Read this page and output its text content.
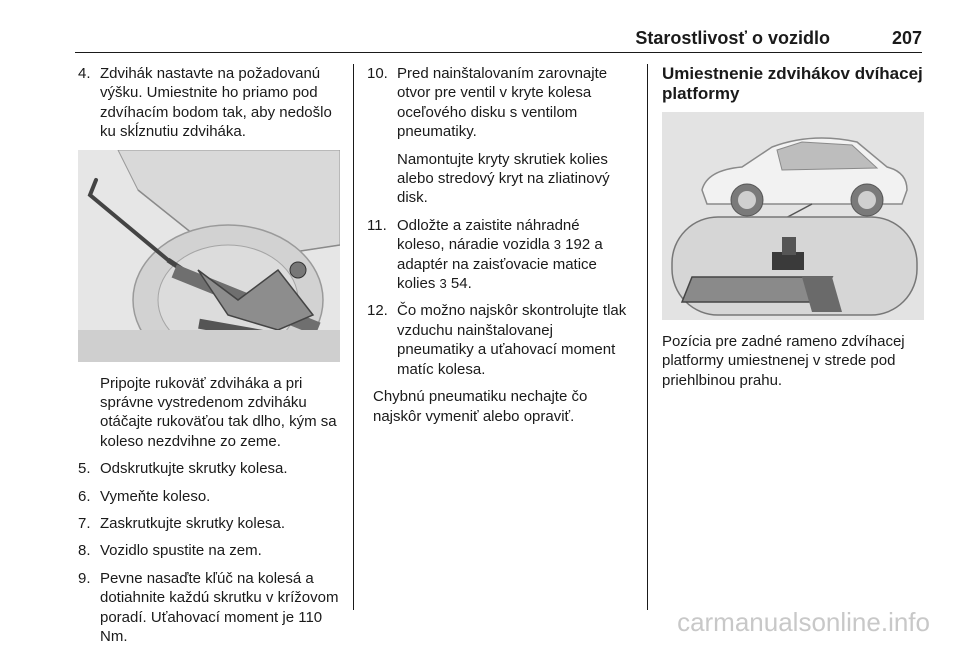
Starostlivosť o vozidlo	207
4. Zdvihák nastavte na požadovanú výšku. Umiestnite ho priamo pod zdvíhacím bodom tak, aby nedošlo ku skĺznutiu zdviháka.

Pripojte rukoväť zdviháka a pri správne vystredenom zdviháku otáčajte rukoväťou tak dlho, kým sa koleso nezdvihne zo zeme.

5. Odskrutkujte skrutky kolesa.
6. Vymeňte koleso.
7. Zaskrutkujte skrutky kolesa.
8. Vozidlo spustite na zem.
9. Pevne nasaďte kľúč na kolesá a dotiahnite každú skrutku v krížovom poradí. Uťahovací moment je 110 Nm.
10. Pred nainštalovaním zarovnajte otvor pre ventil v kryte kolesa oceľového disku s ventilom pneumatiky.

Namontujte kryty skrutiek kolies alebo stredový kryt na zliatinový disk.

11. Odložte a zaistite náhradné koleso, náradie vozidla 3 192 a adaptér na zaisťovacie matice kolies 3 54.
12. Čo možno najskôr skontrolujte tlak vzduchu nainštalovanej pneumatiky a uťahovací moment matíc kolesa.

Chybnú pneumatiku nechajte čo najskôr vymeniť alebo opraviť.

Umiestnenie zdvihákov dvíhacej platformy

Pozícia pre zadné rameno zdvíhacej platformy umiestnenej v strede pod priehlbinou prahu.

carmanualsonline.info
